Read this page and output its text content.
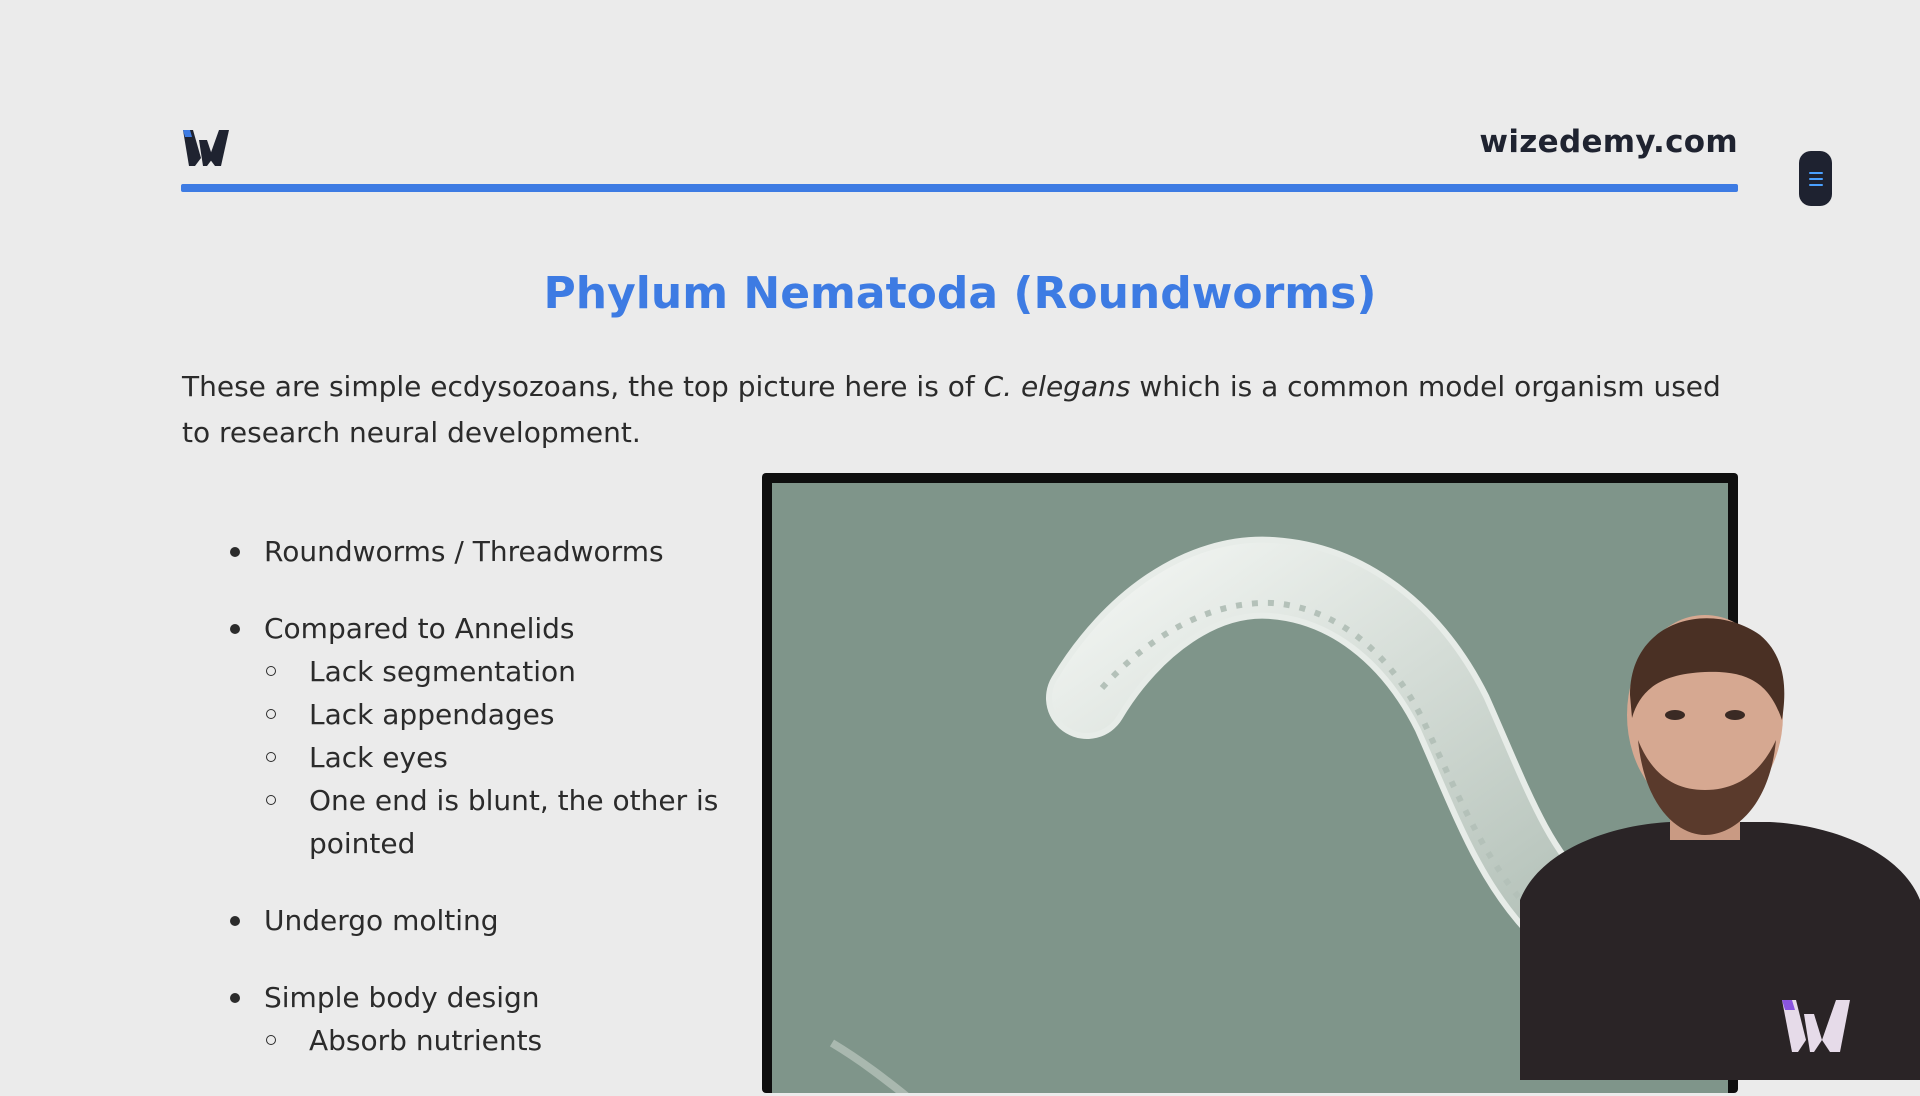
wizedemy.com
Phylum Nematoda (Roundworms)
These are simple ecdysozoans, the top picture here is of C. elegans which is a common model organism used to research neural development.
Roundworms / Threadworms
Compared to Annelids
Lack segmentation
Lack appendages
Lack eyes
One end is blunt, the other is pointed
Undergo molting
Simple body design
Absorb nutrients
